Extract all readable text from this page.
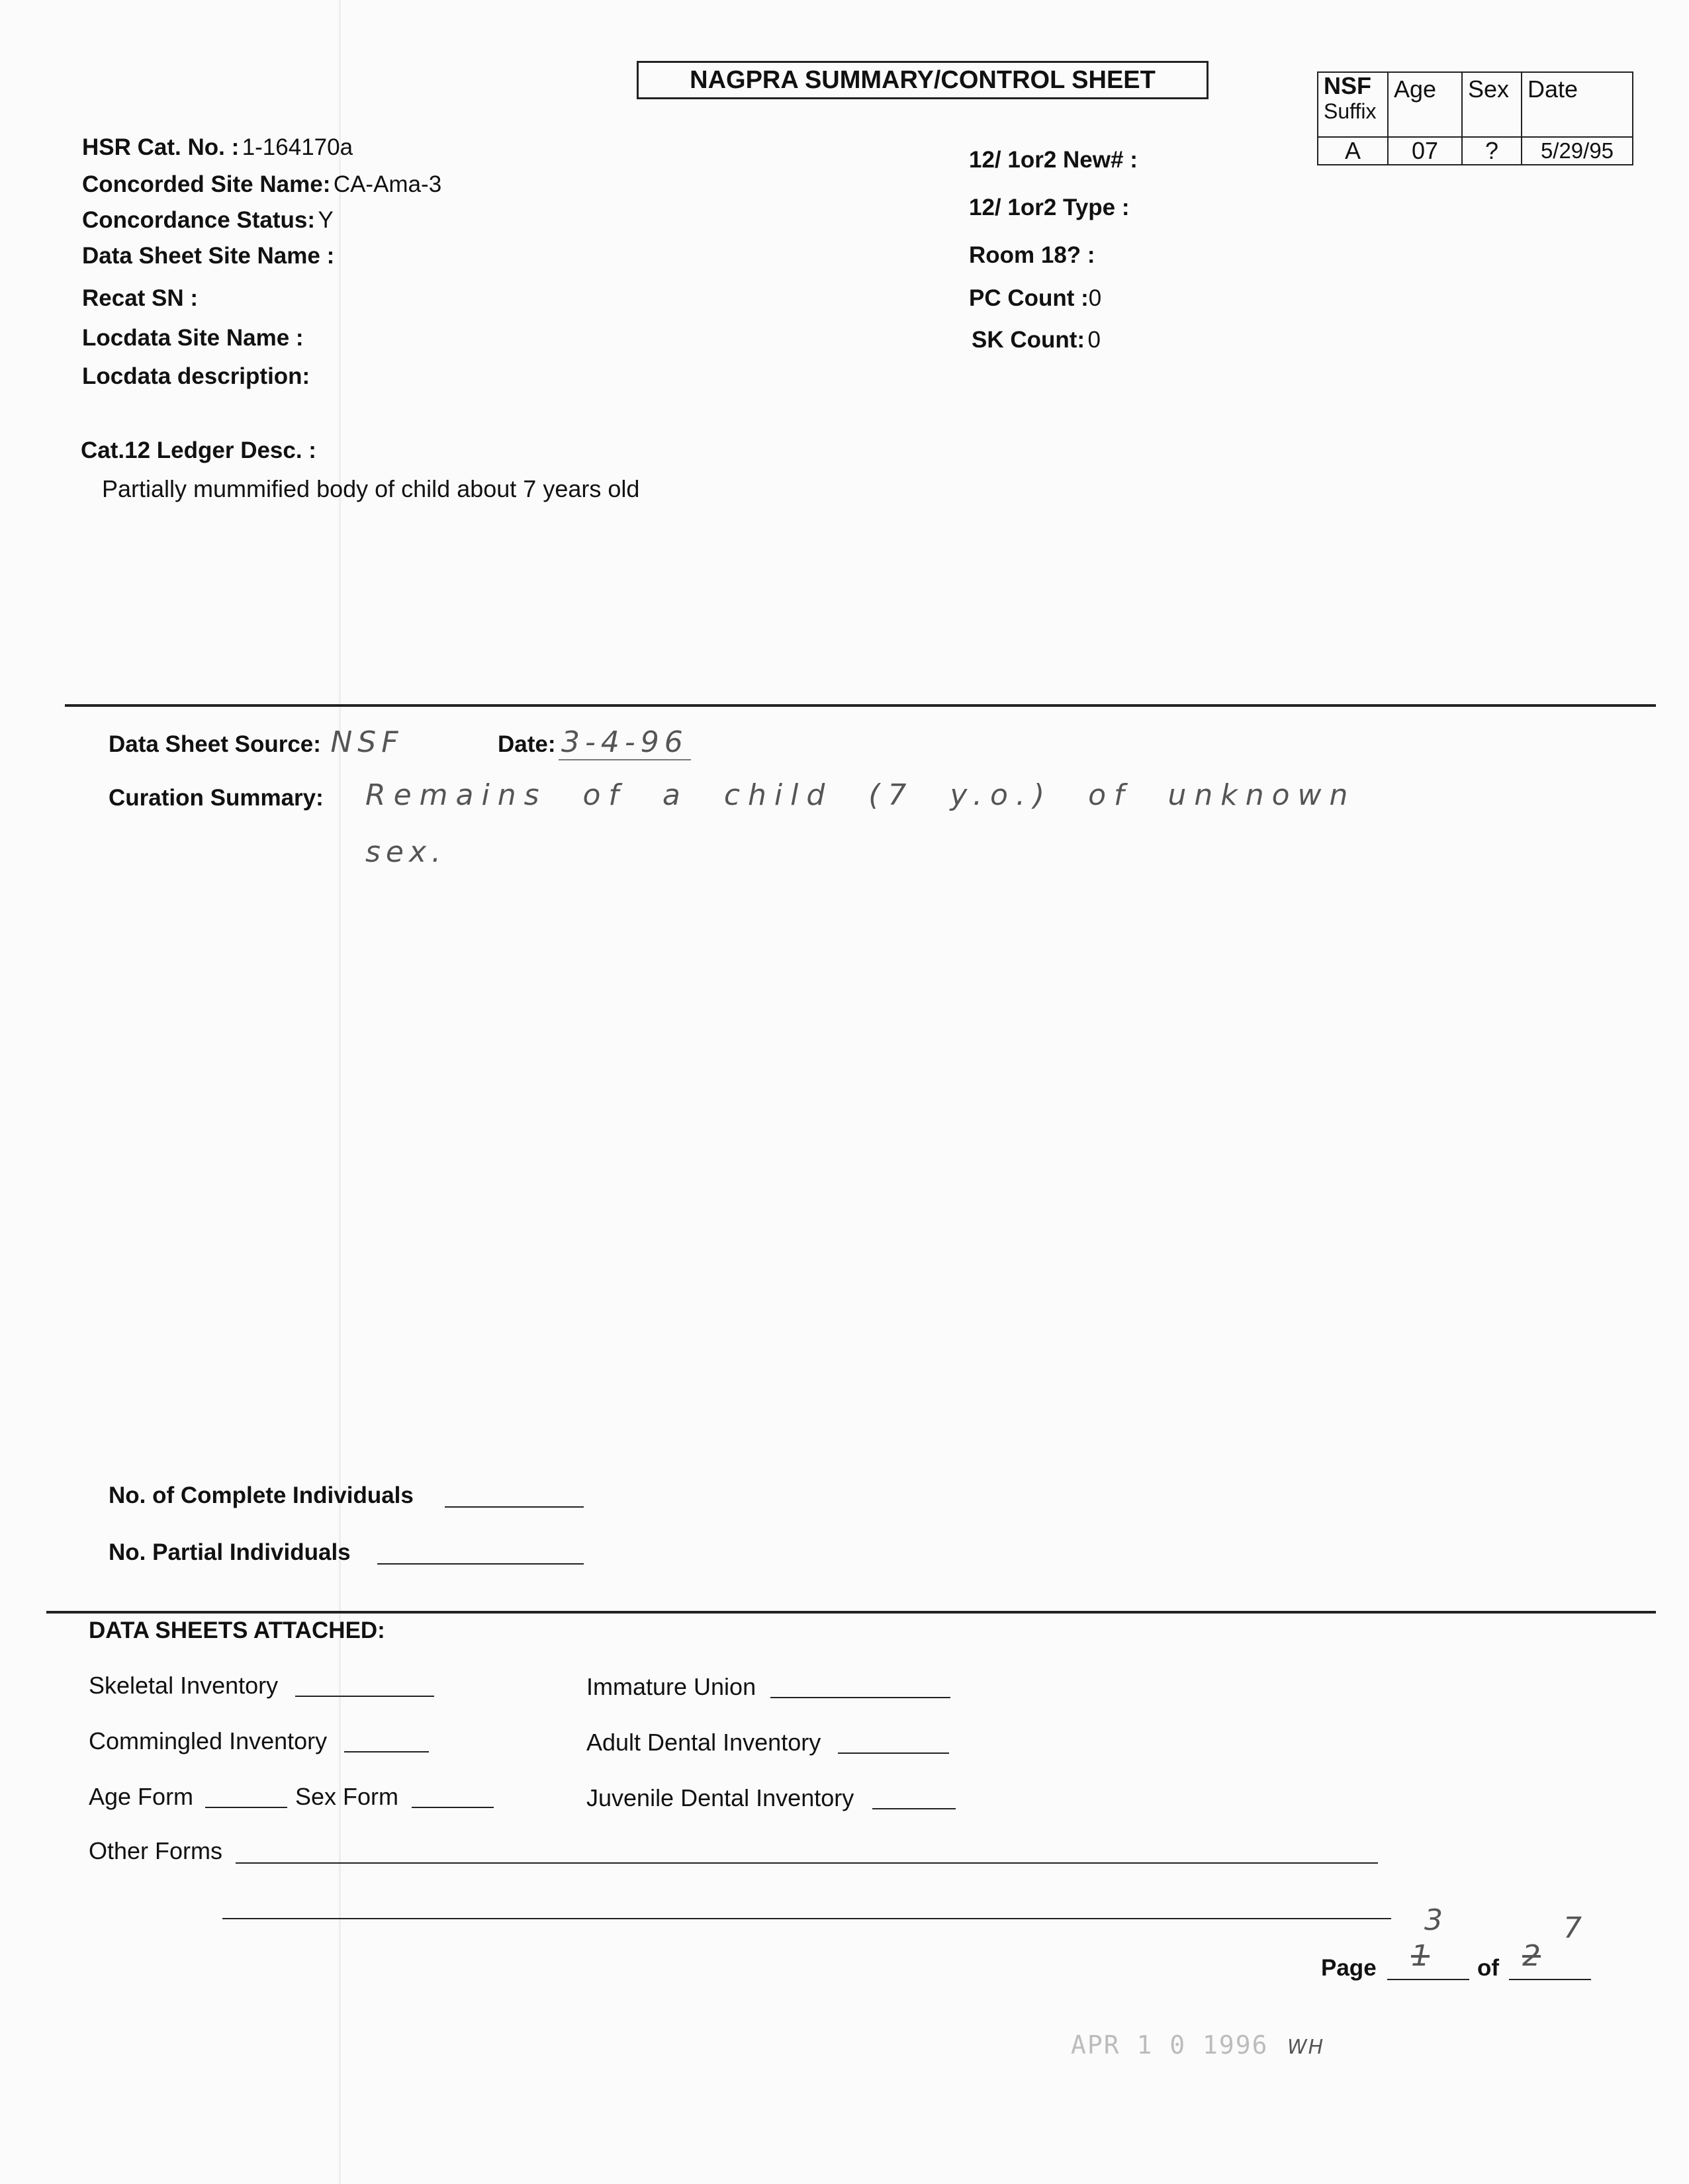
NAGPRA SUMMARY/CONTROL SHEET	NSF
Suffix	Age	Sex	Date
A	07	?	5/29/95
HSR Cat. No. : 1-164170a
Concorded Site Name: CA-Ama-3
Concordance Status: Y
Data Sheet Site Name :
Recat SN :
Locdata Site Name :
Locdata description:
12/ 1or2 New# :
12/ 1or2 Type :
Room 18? :
PC Count :0
SK Count: 0
Cat.12 Ledger Desc. :
Partially mummified body of child about 7 years old
Data Sheet Source: NSF	Date: 3-4-96
Curation Summary: Remains of a child (7 y.o.) of unknown
sex.
No. of Complete Individuals
No. Partial Individuals
DATA SHEETS ATTACHED:
Skeletal Inventory
Commingled Inventory
Age Form	Sex Form
Other Forms
Immature Union
Adult Dental Inventory
Juvenile Dental Inventory
Page 1
3
of 2
7
APR 1 0 1996 WH
